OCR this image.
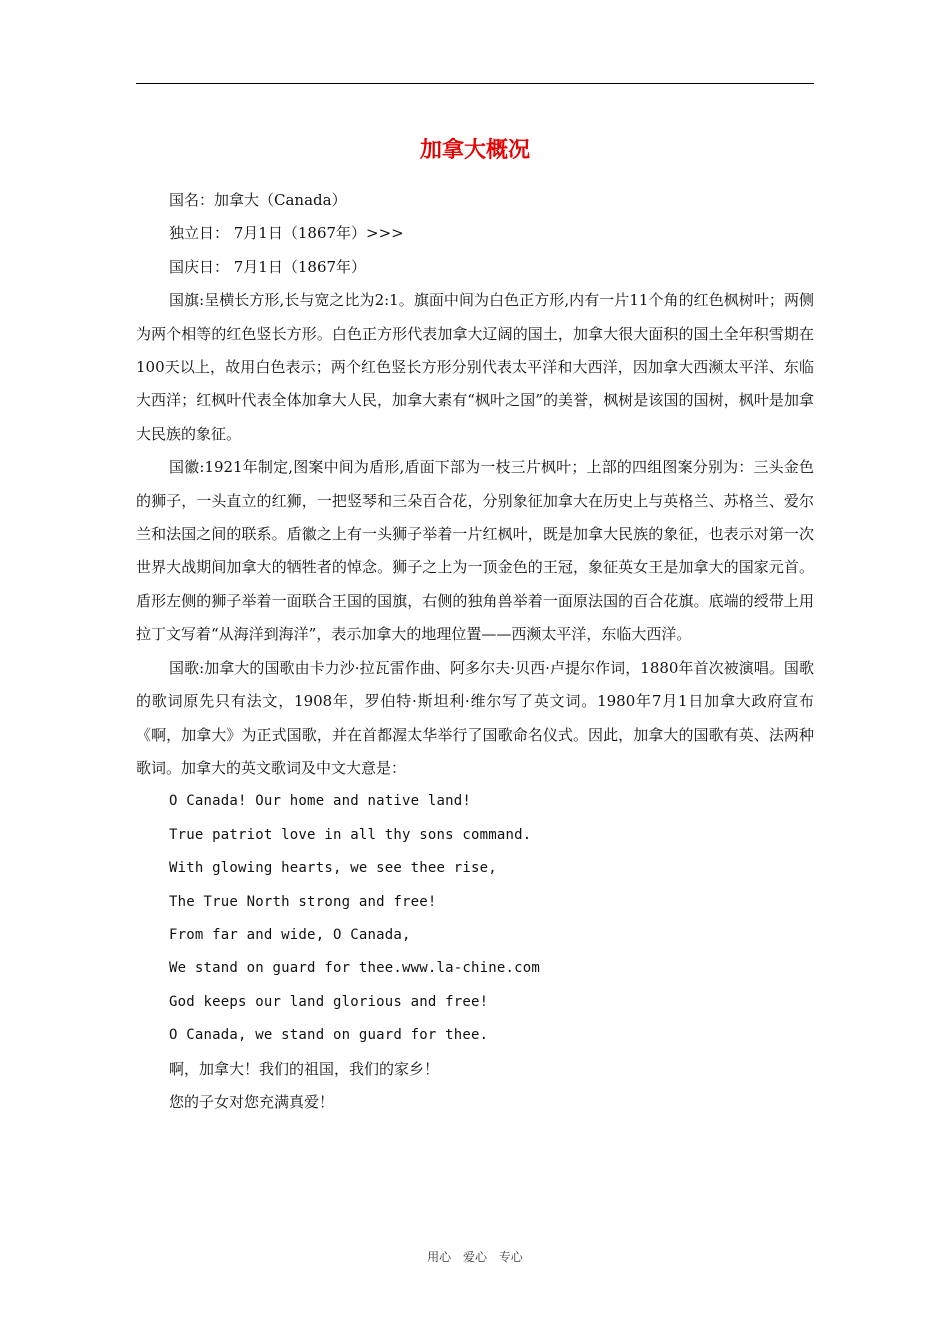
加拿大概况

国名：加拿大（Canada）

独立日： 7月1日（1867年）>>>

国庆日： 7月1日（1867年）

国旗:呈横长方形,长与宽之比为2:1。旗面中间为白色正方形,内有一片11个角的红色枫树叶；两侧为两个相等的红色竖长方形。白色正方形代表加拿大辽阔的国土，加拿大很大面积的国土全年积雪期在100天以上，故用白色表示；两个红色竖长方形分别代表太平洋和大西洋，因加拿大西濒太平洋、东临大西洋；红枫叶代表全体加拿大人民，加拿大素有“枫叶之国”的美誉，枫树是该国的国树，枫叶是加拿大民族的象征。

国徽:1921年制定,图案中间为盾形,盾面下部为一枝三片枫叶；上部的四组图案分别为：三头金色的狮子，一头直立的红狮，一把竖琴和三朵百合花，分别象征加拿大在历史上与英格兰、苏格兰、爱尔兰和法国之间的联系。盾徽之上有一头狮子举着一片红枫叶，既是加拿大民族的象征，也表示对第一次世界大战期间加拿大的牺牲者的悼念。狮子之上为一顶金色的王冠，象征英女王是加拿大的国家元首。盾形左侧的狮子举着一面联合王国的国旗，右侧的独角兽举着一面原法国的百合花旗。底端的绶带上用拉丁文写着“从海洋到海洋”，表示加拿大的地理位置——西濒太平洋，东临大西洋。

国歌:加拿大的国歌由卡力沙·拉瓦雷作曲、阿多尔夫·贝西·卢提尔作词，1880年首次被演唱。国歌的歌词原先只有法文，1908年，罗伯特·斯坦利·维尔写了英文词。1980年7月1日加拿大政府宣布《啊，加拿大》为正式国歌，并在首都渥太华举行了国歌命名仪式。因此，加拿大的国歌有英、法两种歌词。加拿大的英文歌词及中文大意是：

O Canada! Our home and native land!

True patriot love in all thy sons command.

With glowing hearts, we see thee rise,

The True North strong and free!

From far and wide, O Canada,

We stand on guard for thee.www.la-chine.com

God keeps our land glorious and free!

O Canada, we stand on guard for thee.

啊，加拿大！我们的祖国，我们的家乡！

您的子女对您充满真爱！

用心 爱心 专心
